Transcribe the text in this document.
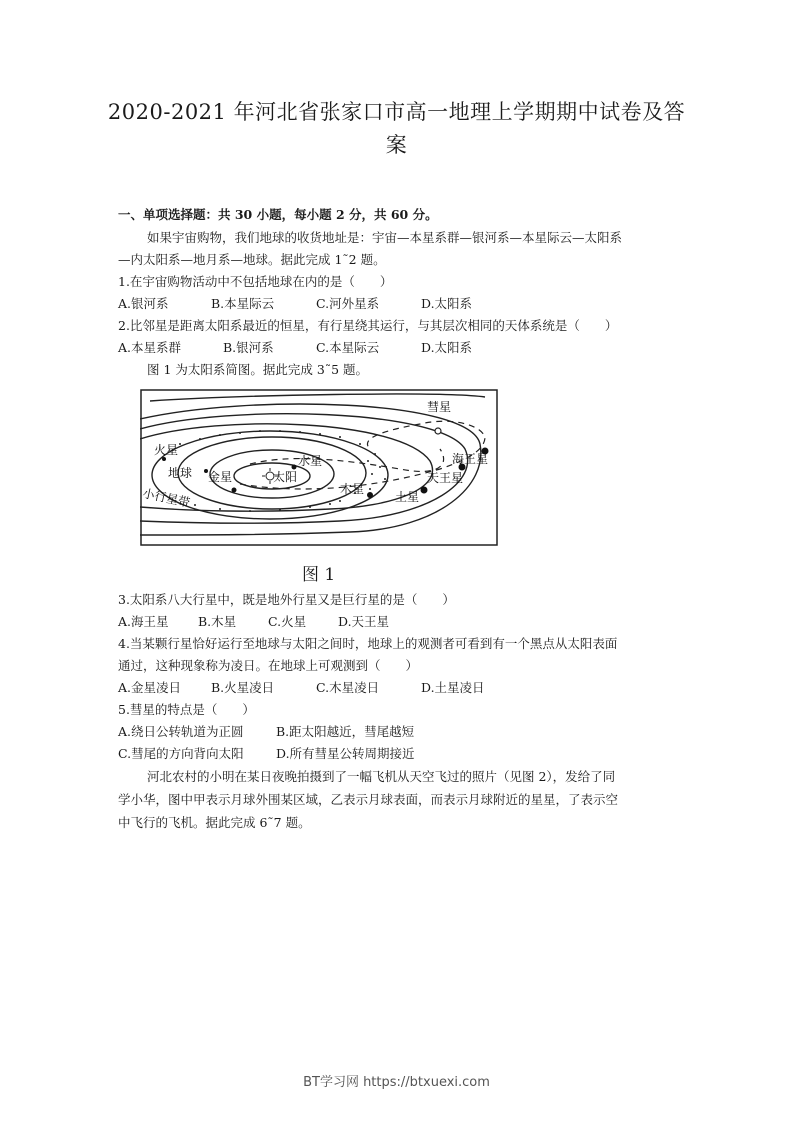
2020-2021 年河北省张家口市高一地理上学期期中试卷及答
案
一、单项选择题：共 30 小题，每小题 2 分，共 60 分。
如果宇宙购物，我们地球的收货地址是：宇宙—本星系群—银河系—本星际云—太阳系
—内太阳系—地月系—地球。据此完成 1˜2 题。
1.在宇宙购物活动中不包括地球在内的是（　　）
A.银河系	B.本星际云	C.河外星系	D.太阳系
2.比邻星是距离太阳系最近的恒星，有行星绕其运行，与其层次相同的天体系统是（　　）
A.本星系群	B.银河系	C.本星际云	D.太阳系
图 1 为太阳系简图。据此完成 3˜5 题。
太阳
水星
金星
地球
火星
小行星带	木星
土星
天王星
海王星
彗星
图 1
3.太阳系八大行星中，既是地外行星又是巨行星的是（　　）
A.海王星 B.木星	C.火星	D.天王星
4.当某颗行星恰好运行至地球与太阳之间时，地球上的观测者可看到有一个黑点从太阳表面
通过，这种现象称为凌日。在地球上可观测到（　　）
A.金星凌日 B.火星凌日	C.木星凌日	D.土星凌日
5.彗星的特点是（　　）
A.绕日公转轨道为正圆	B.距太阳越近，彗尾越短
C.彗尾的方向背向太阳	D.所有彗星公转周期接近
河北农村的小明在某日夜晚拍摄到了一幅飞机从天空飞过的照片（见图 2），发给了同
学小华，图中甲表示月球外围某区域，乙表示月球表面，而表示月球附近的星星，了表示空
中飞行的飞机。据此完成 6˜7 题。
BT学习网 https://btxuexi.com
